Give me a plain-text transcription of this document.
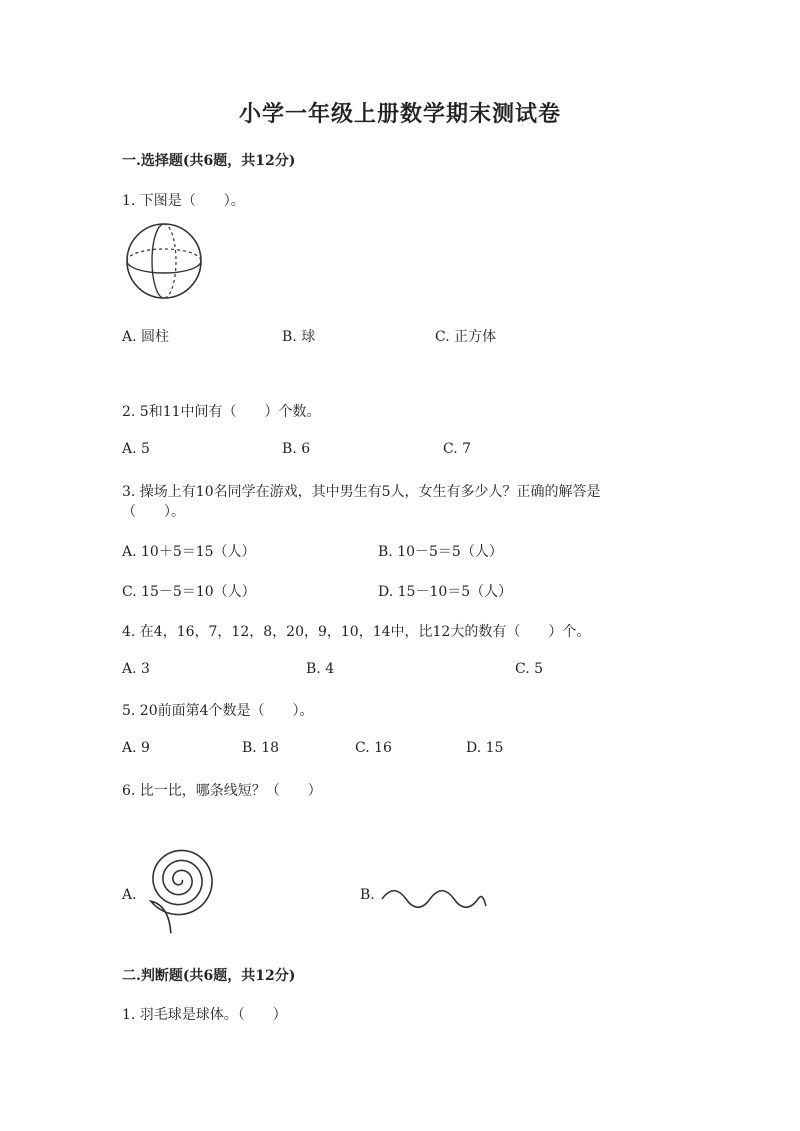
小学一年级上册数学期末测试卷
一.选择题(共6题，共12分)
1. 下图是（　　）。
A. 圆柱	B. 球	C. 正方体
2. 5和11中间有（　　）个数。
A. 5	B. 6	C. 7
3. 操场上有10名同学在游戏，其中男生有5人，女生有多少人？正确的解答是
（　　）。
A. 10＋5＝15（人）	B. 10－5＝5（人）
C. 15－5＝10（人）	D. 15－10＝5（人）
4. 在4，16，7，12，8，20，9，10，14中，比12大的数有（　　）个。
A. 3	B. 4	C. 5
5. 20前面第4个数是（　　）。
A. 9	B. 18	C. 16	D. 15
6. 比一比，哪条线短？（　　）
A.	B.
二.判断题(共6题，共12分)
1. 羽毛球是球体。（　　）
